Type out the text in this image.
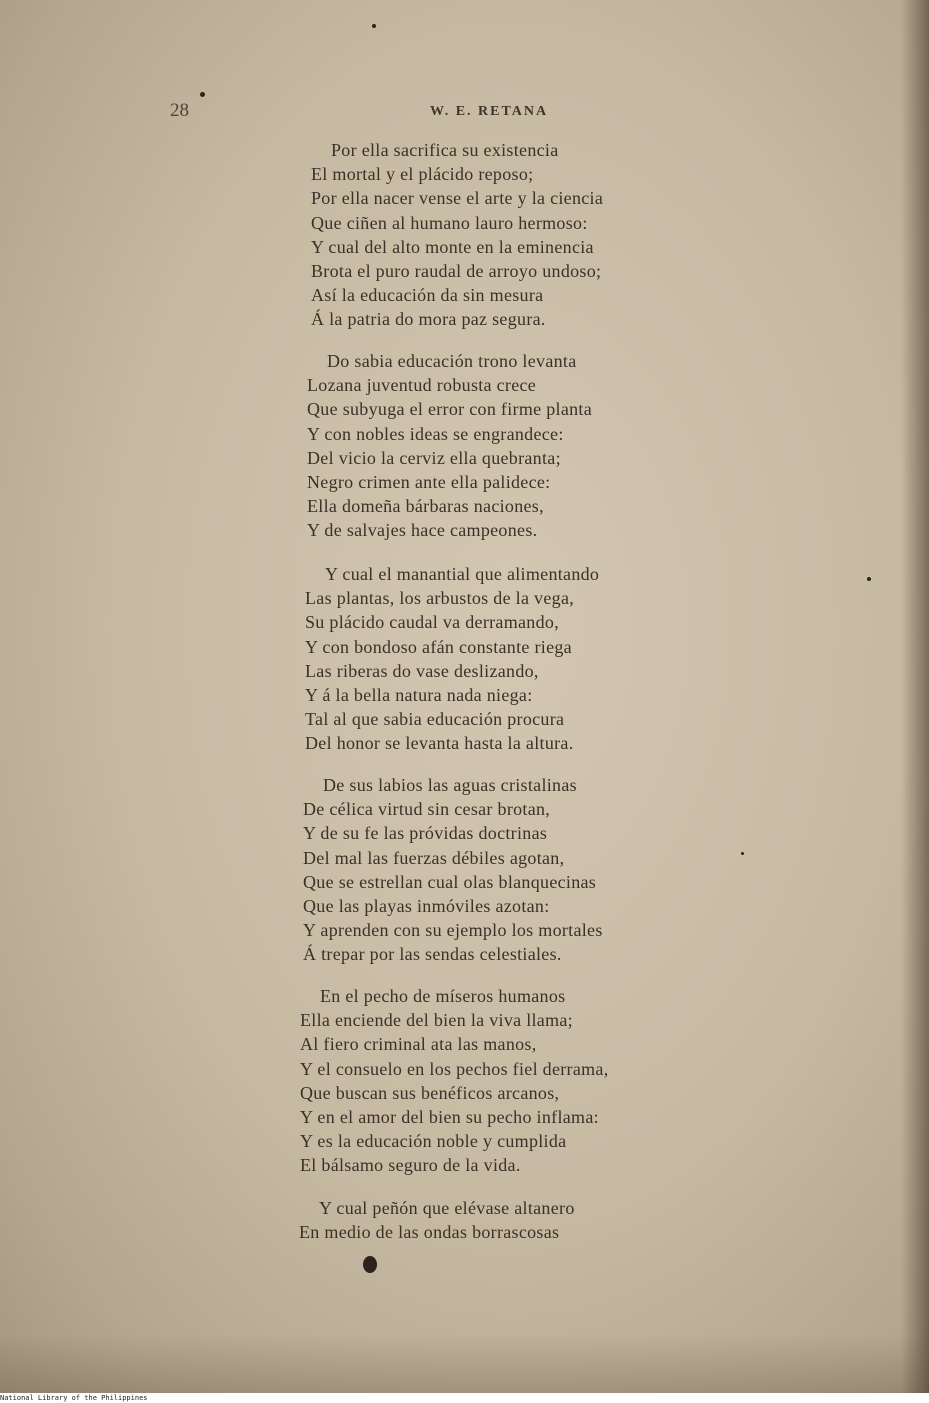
28	W. E. RETANA

Por ella sacrifica su existencia
El mortal y el plácido reposo;
Por ella nacer vense el arte y la ciencia
Que ciñen al humano lauro hermoso:
Y cual del alto monte en la eminencia
Brota el puro raudal de arroyo undoso;
Así la educación da sin mesura
Á la patria do mora paz segura.
Do sabia educación trono levanta
Lozana juventud robusta crece
Que subyuga el error con firme planta
Y con nobles ideas se engrandece:
Del vicio la cerviz ella quebranta;
Negro crimen ante ella palidece:
Ella domeña bárbaras naciones,
Y de salvajes hace campeones.
Y cual el manantial que alimentando
Las plantas, los arbustos de la vega,
Su plácido caudal va derramando,
Y con bondoso afán constante riega
Las riberas do vase deslizando,
Y á la bella natura nada niega:
Tal al que sabia educación procura
Del honor se levanta hasta la altura.
De sus labios las aguas cristalinas
De célica virtud sin cesar brotan,
Y de su fe las próvidas doctrinas
Del mal las fuerzas débiles agotan,
Que se estrellan cual olas blanquecinas
Que las playas inmóviles azotan:
Y aprenden con su ejemplo los mortales
Á trepar por las sendas celestiales.
En el pecho de míseros humanos
Ella enciende del bien la viva llama;
Al fiero criminal ata las manos,
Y el consuelo en los pechos fiel derrama,
Que buscan sus benéficos arcanos,
Y en el amor del bien su pecho inflama:
Y es la educación noble y cumplida
El bálsamo seguro de la vida.
Y cual peñón que elévase altanero
En medio de las ondas borrascosas

National Library of the Philippines
